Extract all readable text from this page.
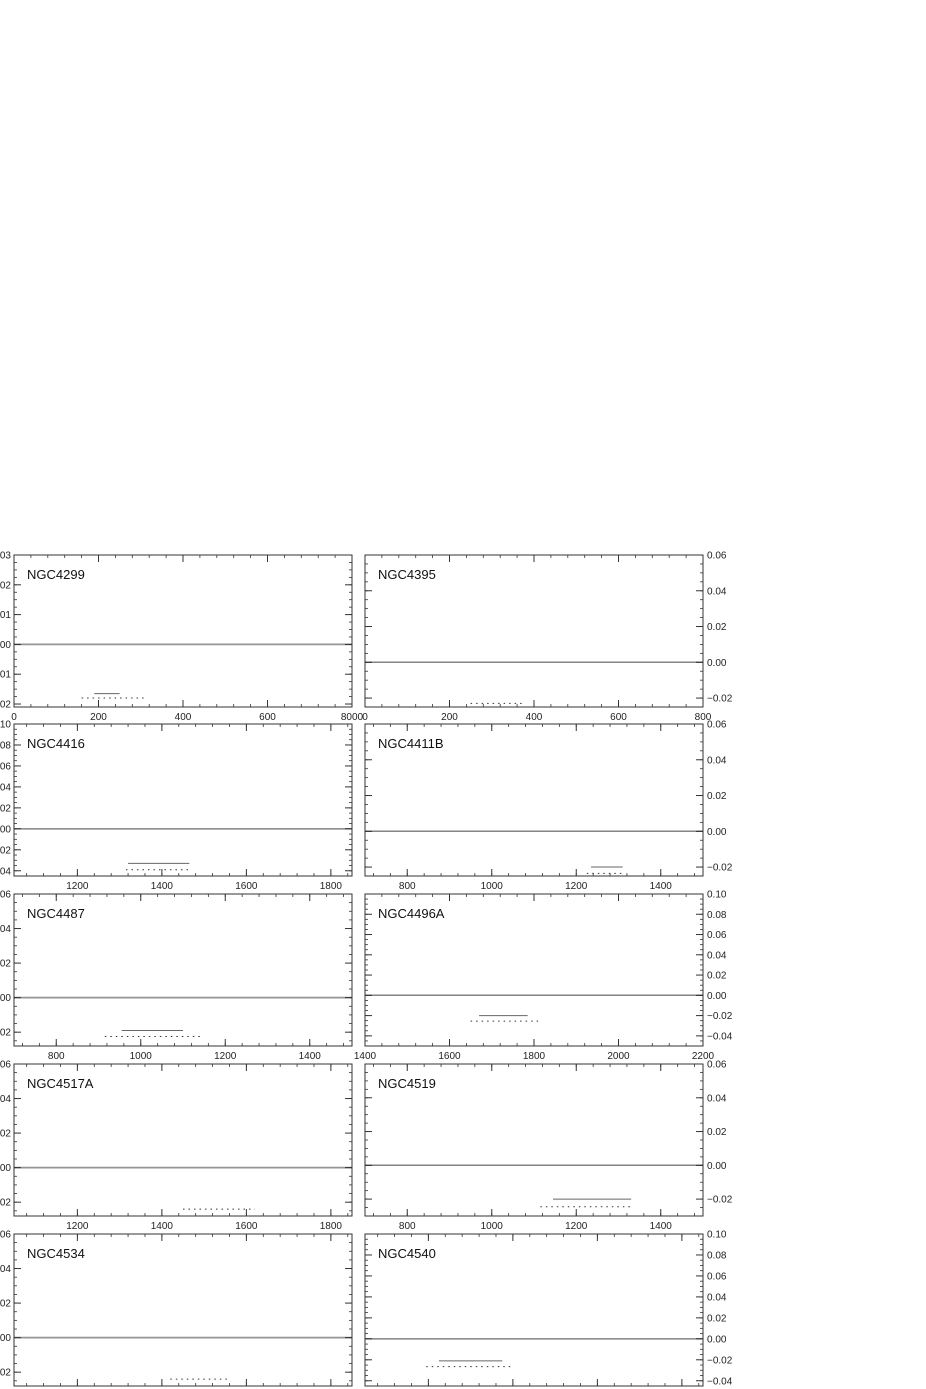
0	200	400	600	8000
02
01
00
01
02
03
NGC4299
0	200	400	600	800
−0.02
0.00
0.02
0.04
0.06
NGC4395
1200	1400	1600	1800
04
02
00
02
04
06
08
10
NGC4416
800	1000	1200	1400
−0.02
0.00
0.02
0.04
0.06
NGC4411B
800	1000	1200	1400
02
00
02
04
06
NGC4487
1400	1600	1800	2000	2200
−0.04
−0.02
0.00
0.02
0.04
0.06
0.08
0.10
NGC4496A
1200	1400	1600	1800
02
00
02
04
06
NGC4517A
800	1000	1200	1400
−0.02
0.00
0.02
0.04
0.06
NGC4519
02
00
02
04
06
NGC4534
−0.04
−0.02
0.00
0.02
0.04
0.06
0.08
0.10
NGC4540
